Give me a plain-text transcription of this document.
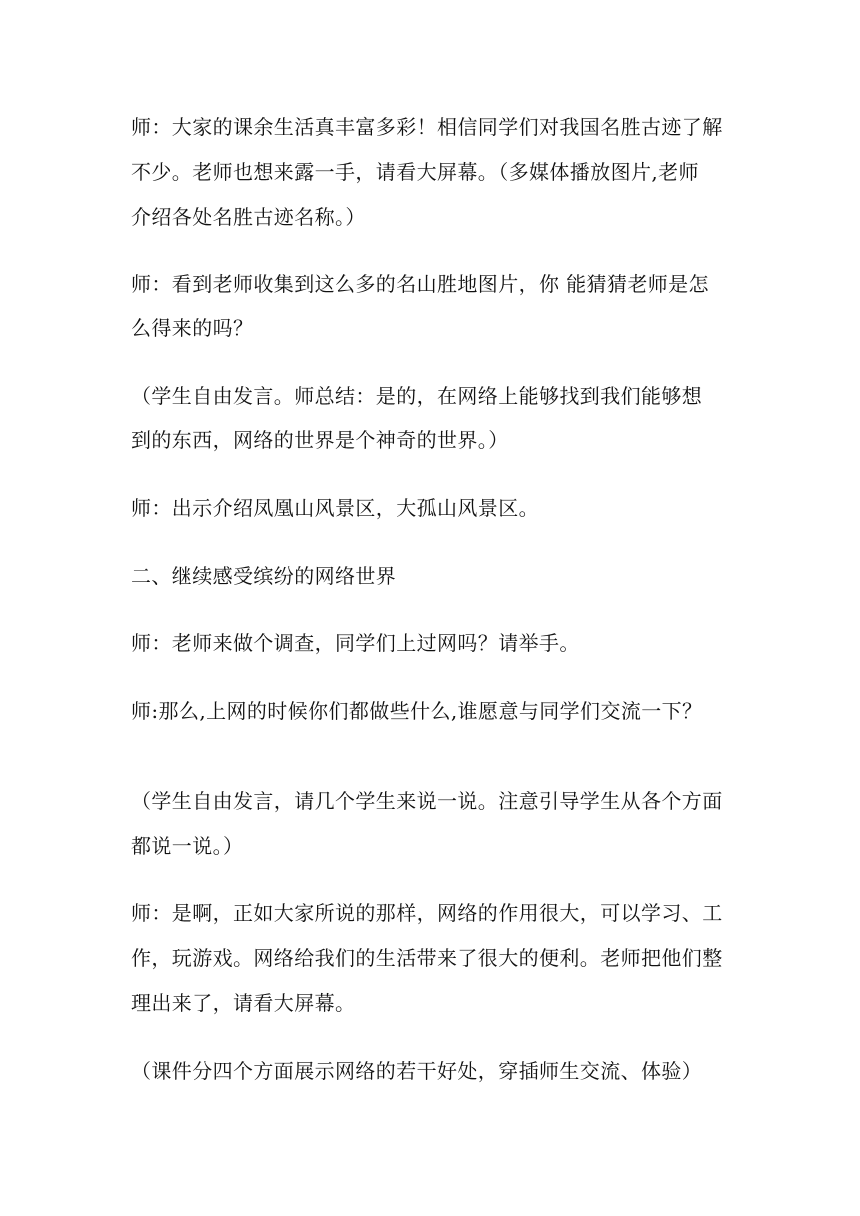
师：大家的课余生活真丰富多彩！相信同学们对我国名胜古迹了解
不少。老师也想来露一手，请看大屏幕。（多媒体播放图片,老师
介绍各处名胜古迹名称。）
师：看到老师收集到这么多的名山胜地图片，你 能猜猜老师是怎
么得来的吗？
（学生自由发言。师总结：是的，在网络上能够找到我们能够想
到的东西，网络的世界是个神奇的世界。）
师：出示介绍凤凰山风景区，大孤山风景区。
二、继续感受缤纷的网络世界
师：老师来做个调查，同学们上过网吗？请举手。
师:那么,上网的时候你们都做些什么,谁愿意与同学们交流一下？
（学生自由发言，请几个学生来说一说。注意引导学生从各个方面
都说一说。）
师：是啊，正如大家所说的那样，网络的作用很大，可以学习、工
作，玩游戏。网络给我们的生活带来了很大的便利。老师把他们整
理出来了，请看大屏幕。
（课件分四个方面展示网络的若干好处，穿插师生交流、体验）
